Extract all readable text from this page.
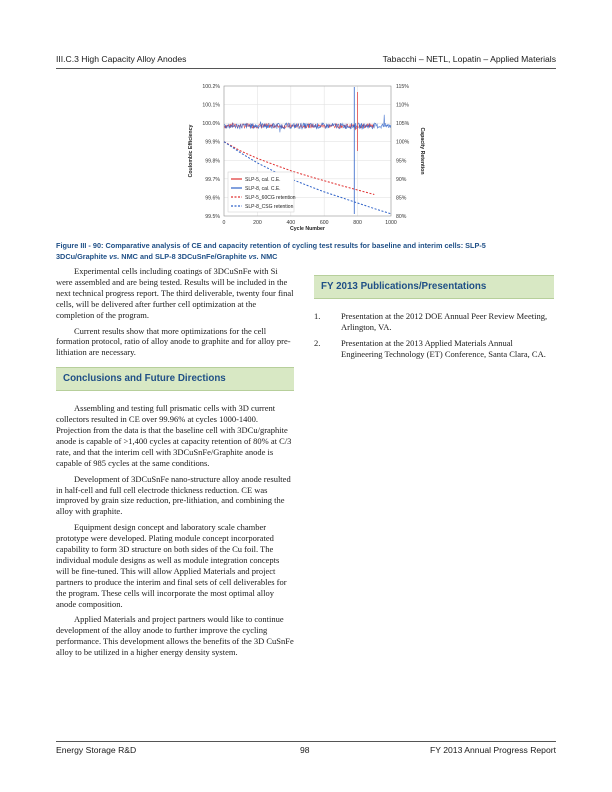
III.C.3 High Capacity Alloy Anodes	Tabacchi – NETL, Lopatin – Applied Materials
100.2%	115%
100.1%	110%
100.0%	105%
99.9%	100%
99.8%	95%
99.7%	90%
99.6%	85%
99.5%	80%
0	200	400	600	800	1000
Cycle Number
Coulombic Efficiency	Capacity Retention
SLP-5, cal. C.E.
SLP-8, cal. C.E.
SLP-5_60CG retention
SLP-8_CSG retention
Figure III - 90: Comparative analysis of CE and capacity retention of cycling test results for baseline and interim cells: SLP-5
3DCu/Graphite vs. NMC and SLP-8 3DCuSnFe/Graphite vs. NMC

Experimental cells including coatings of 3DCuSnFe with Si were assembled and are being tested. Results will be included in the next technical progress report. The third deliverable, twenty four final cells, will be delivered after further cell optimization at the completion of the program.

Current results show that more optimizations for the cell formation protocol, ratio of alloy anode to graphite and for alloy pre-lithiation are necessary.

Conclusions and Future Directions

Assembling and testing full prismatic cells with 3D current collectors resulted in CE over 99.96% at cycles 1000-1400. Projection from the data is that the baseline cell with 3DCu/graphite anode is capable of >1,400 cycles at capacity retention of 80% at C/3 rate, and that the interim cell with 3DCuSnFe/Graphite anode is capable of 985 cycles at the same conditions.

Development of 3DCuSnFe nano-structure alloy anode resulted in half-cell and full cell electrode thickness reduction. CE was improved by grain size reduction, pre-lithiation, and combining the alloy with graphite.

Equipment design concept and laboratory scale chamber prototype were developed. Plating module concept incorporated capability to form 3D structure on both sides of the Cu foil. The individual module designs as well as module integration concepts will be fine-tuned. This will allow Applied Materials and project partners to produce the interim and final sets of cell deliverables for the program. These cells will incorporate the most optimal alloy anode composition.

Applied Materials and project partners would like to continue development of the alloy anode to further improve the cycling performance. This development allows the benefits of the 3D CuSnFe alloy to be utilized in a higher energy density system.

FY 2013 Publications/Presentations
1. Presentation at the 2012 DOE Annual Peer Review Meeting, Arlington, VA.
2. Presentation at the 2013 Applied Materials Annual Engineering Technology (ET) Conference, Santa Clara, CA.
Energy Storage R&D	98	FY 2013 Annual Progress Report
